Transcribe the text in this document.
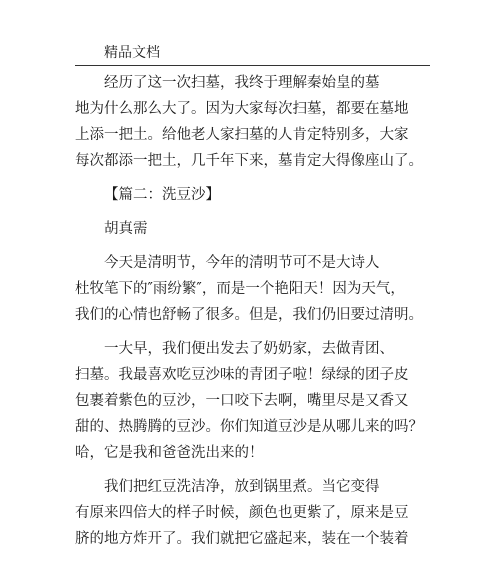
精品文档

经历了这一次扫墓，我终于理解秦始皇的墓
地为什么那么大了。因为大家每次扫墓，都要在墓地
上添一把土。给他老人家扫墓的人肯定特别多，大家
每次都添一把土，几千年下来，墓肯定大得像座山了。

【篇二：洗豆沙】

胡真需

今天是清明节，今年的清明节可不是大诗人
杜牧笔下的″雨纷繁″，而是一个艳阳天！因为天气，
我们的心情也舒畅了很多。但是，我们仍旧要过清明。

一大早，我们便出发去了奶奶家，去做青团、
扫墓。我最喜欢吃豆沙味的青团子啦！绿绿的团子皮
包裹着紫色的豆沙，一口咬下去啊，嘴里尽是又香又
甜的、热腾腾的豆沙。你们知道豆沙是从哪儿来的吗？
哈，它是我和爸爸洗出来的！

我们把红豆洗洁净，放到锅里煮。当它变得
有原来四倍大的样子时候，颜色也更紫了，原来是豆
脐的地方炸开了。我们就把它盛起来，装在一个装着
